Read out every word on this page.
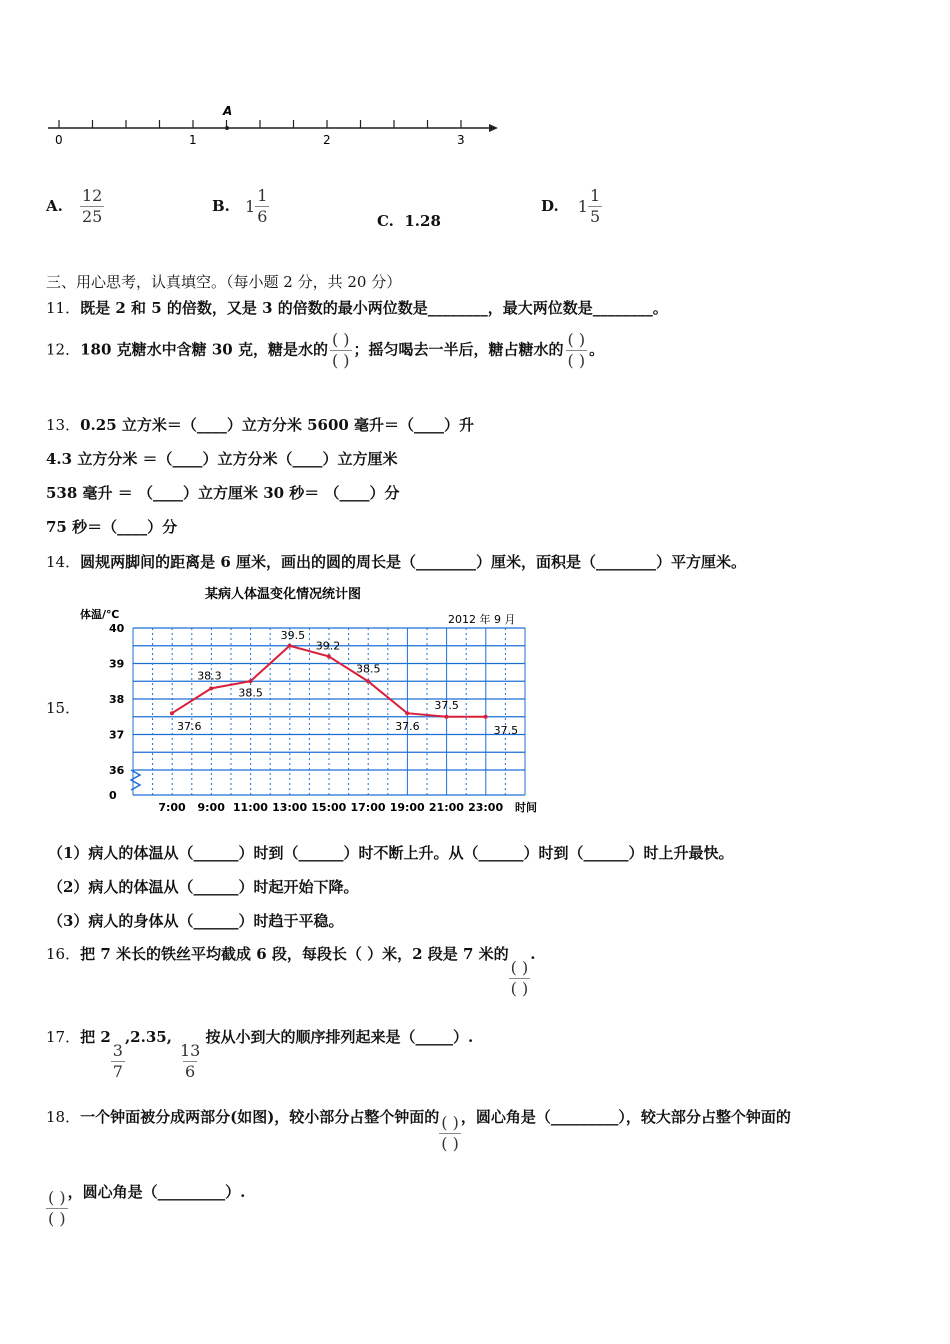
A
0	1	2	3
A. $\frac{12}{25}$	B. $1 \frac{1}{6}$	C. 1.28
D. $1 \frac{1}{5}$
三、用心思考，认真填空。（每小题 2 分，共 20 分）
11．既是 2 和 5 的倍数，又是 3 的倍数的最小两位数是________，最大两位数是________。
12．180 克糖水中含糖 30 克，糖是水的 $\frac{( )}{( )}$ ；摇匀喝去一半后，糖占糖水的 $\frac{( )}{( )}$ 。
13．0.25 立方米＝（____）立方分米 5600 毫升＝（____）升
4.3 立方分米 ＝（____）立方分米（____）立方厘米
538 毫升 ＝ （____）立方厘米 30 秒＝ （____）分
75 秒＝（____）分
14．圆规两脚间的距离是 6 厘米，画出的圆的周长是（________）厘米，面积是（________）平方厘米。
15．
某病人体温变化情况统计图
2012 年 9 月
体温/℃
40
39
38
37
36
0
7:00 9:00 11:00 13:00 15:00 17:00 19:00 21:00 23:00
37.6
38.3
38.5
39.5
39.2
38.5
37.6
37.5
37.5
时间
（1）病人的体温从（______）时到（______）时不断上升。从（______）时到（______）时上升最快。
（2）病人的体温从（______）时起开始下降。
（3）病人的身体从（______）时趋于平稳。
16．把 7 米长的铁丝平均截成 6 段，每段长（ ）米，2 段是 7 米的
$\frac{( )}{( )}$
.
17．把 2
$\frac{3}{7}$
,2.35,
$\frac{13}{6}$
按从小到大的顺序排列起来是（_____）.
18．一个钟面被分成两部分(如图)，较小部分占整个钟面的 $\frac{( )}{( )}$ ，圆心角是（_________），较大部分占整个钟面的
$\frac{( )}{( )}$ ，圆心角是（_________）.
